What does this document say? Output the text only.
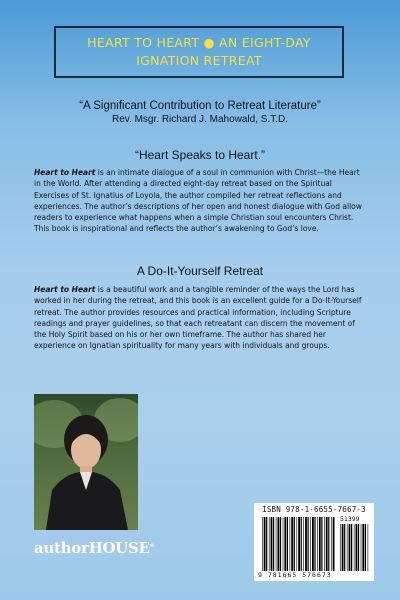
HEART TO HEART ● AN EIGHT-DAY
IGNATION RETREAT
“A Significant Contribution to Retreat Literature”
Rev. Msgr. Richard J. Mahowald, S.T.D.
“Heart Speaks to Heart.”
Heart to Heart is an intimate dialogue of a soul in communion with Christ—the Heart in the World. After attending a directed eight-day retreat based on the Spiritual Exercises of St. Ignatius of Loyola, the author compiled her retreat reflections and experiences. The author’s descriptions of her open and honest dialogue with God allow readers to experience what happens when a simple Christian soul encounters Christ. This book is inspirational and reflects the author’s awakening to God’s love.
A Do-It-Yourself Retreat
Heart to Heart is a beautiful work and a tangible reminder of the ways the Lord has worked in her during the retreat, and this book is an excellent guide for a Do-It-Yourself retreat. The author provides resources and practical information, including Scripture readings and prayer guidelines, so that each retreatant can discern the movement of the Holy Spirit based on his or her own timeframe. The author has shared her experience on Ignatian spirituality for many years with individuals and groups.
authorHOUSE®
ISBN 978-1-6655-7667-3
51399
9 781665 576673
